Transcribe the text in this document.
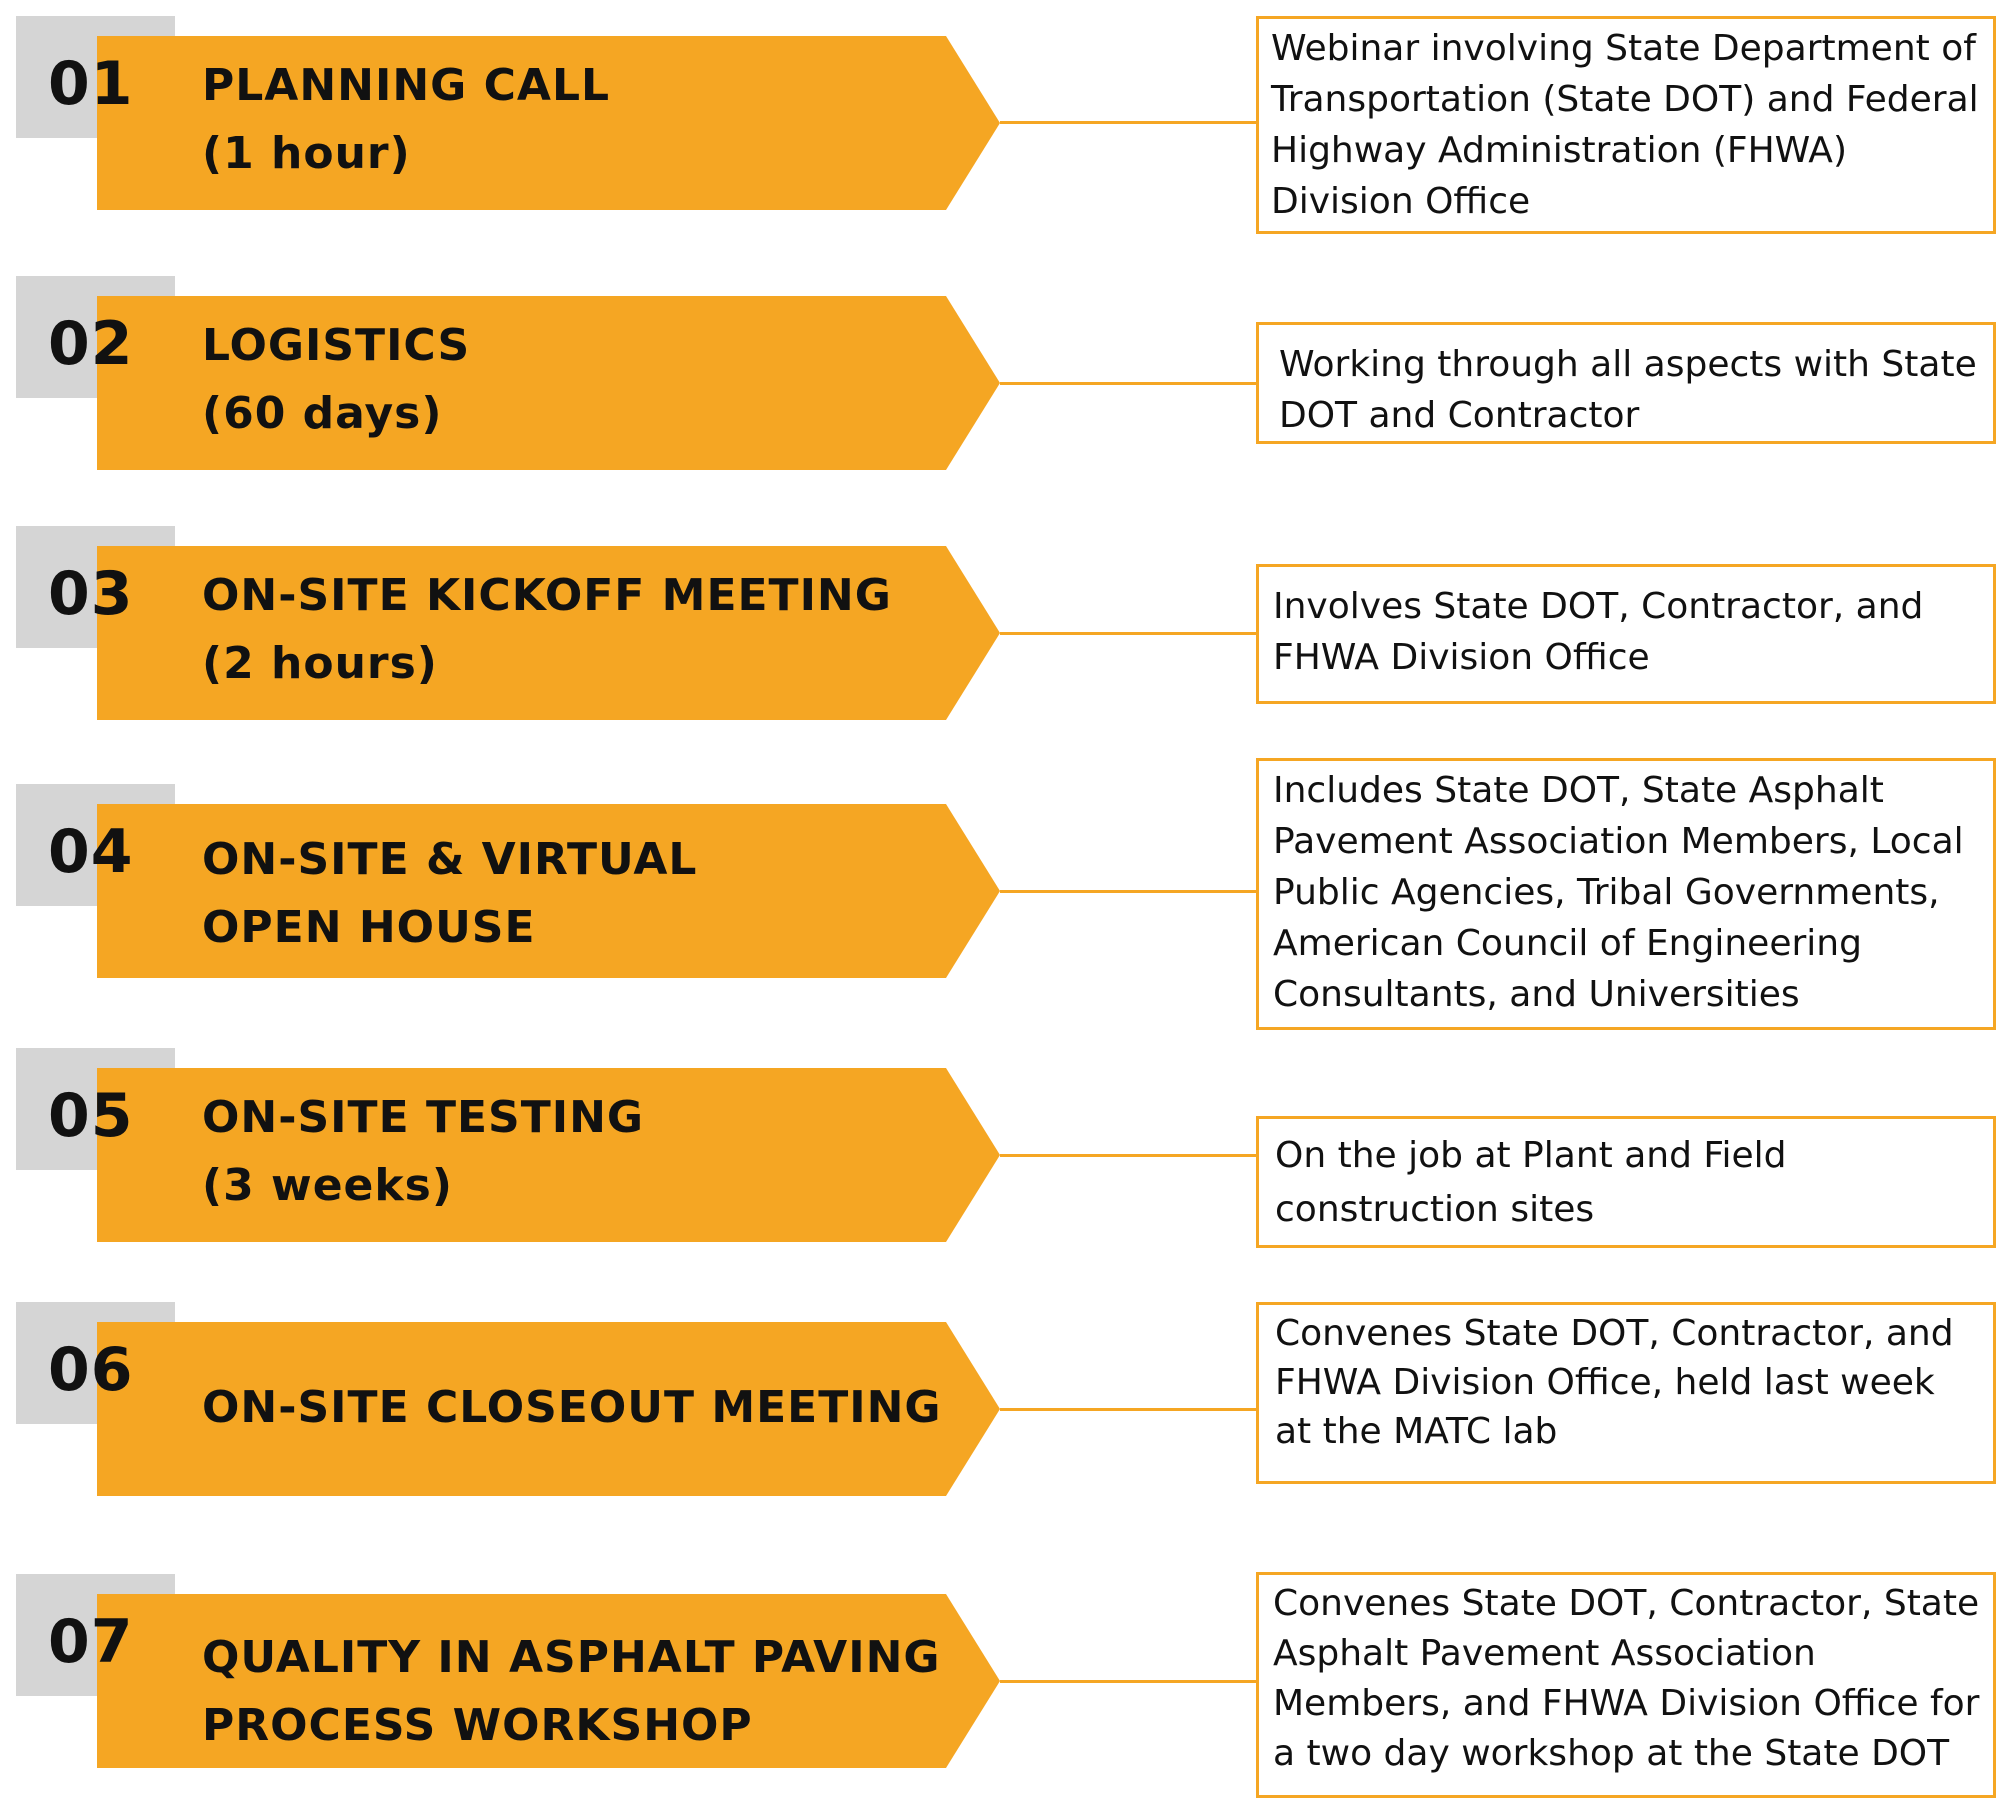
01 PLANNING CALL
(1 hour)
Webinar involving State Department of Transportation (State DOT) and Federal Highway Administration (FHWA) Division Office
02 LOGISTICS
(60 days)
Working through all aspects with State DOT and Contractor
03 ON-SITE KICKOFF MEETING
(2 hours)
Involves State DOT, Contractor, and FHWA Division Office
04 ON-SITE & VIRTUAL
OPEN HOUSE
Includes State DOT, State Asphalt Pavement Association Members, Local Public Agencies, Tribal Governments, American Council of Engineering Consultants, and Universities
05 ON-SITE TESTING
(3 weeks)
On the job at Plant and Field construction sites
06
ON-SITE CLOSEOUT MEETING
Convenes State DOT, Contractor, and FHWA Division Office, held last week at the MATC lab
07 QUALITY IN ASPHALT PAVING
PROCESS WORKSHOP
Convenes State DOT, Contractor, State Asphalt Pavement Association Members, and FHWA Division Office for a two day workshop at the State DOT
